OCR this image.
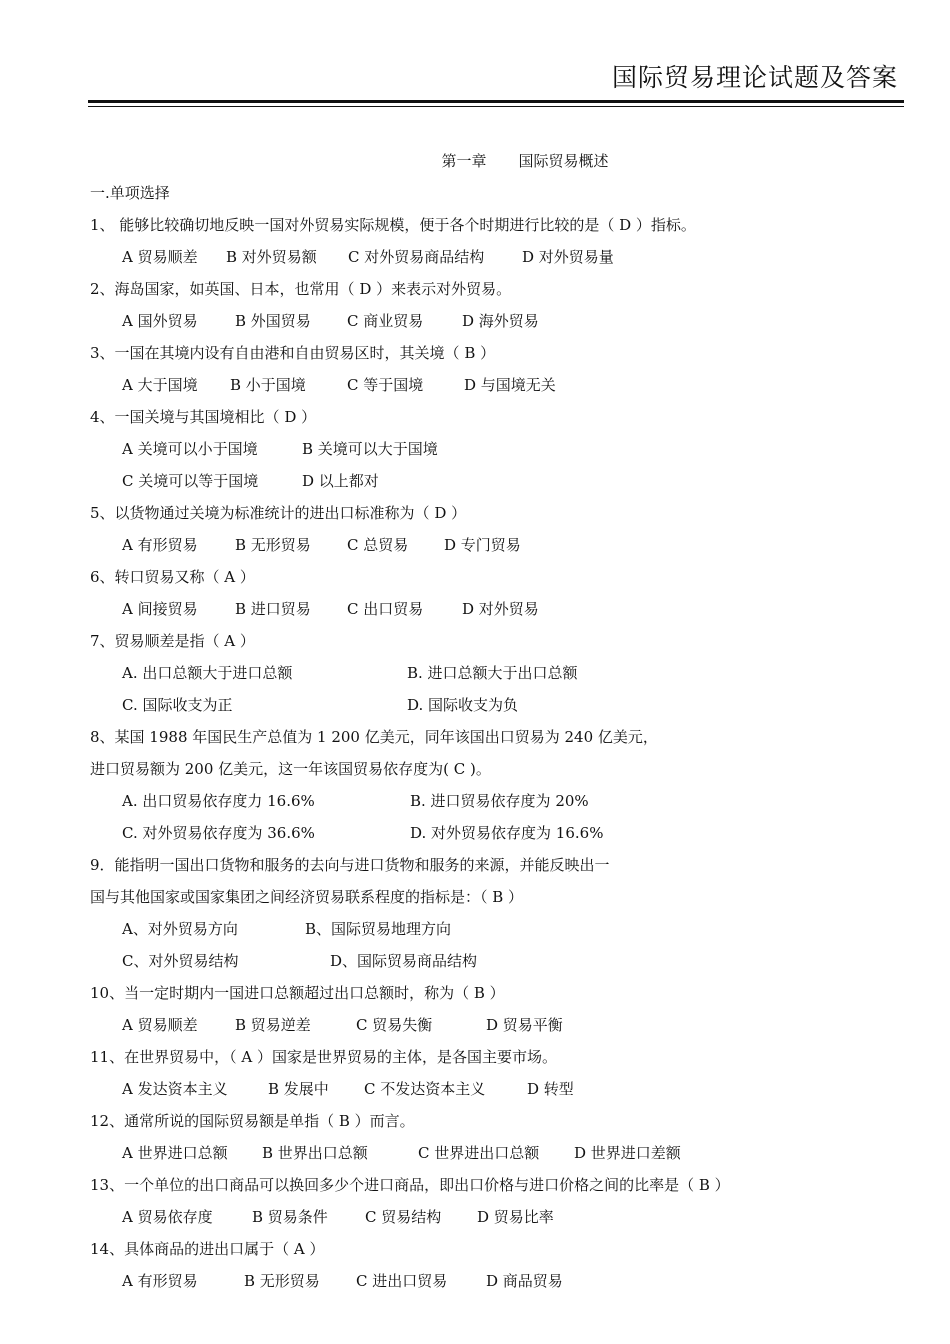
国际贸易理论试题及答案
第一章 国际贸易概述
一.单项选择
1、 能够比较确切地反映一国对外贸易实际规模，便于各个时期进行比较的是（ D ）指标。
A 贸易顺差 B 对外贸易额 C 对外贸易商品结构	D 对外贸易量
2、海岛国家，如英国、日本，也常用（ D ）来表示对外贸易。
A 国外贸易 B 外国贸易 C 商业贸易	D 海外贸易
3、一国在其境内设有自由港和自由贸易区时，其关境（ B ）
A 大于国境 B 小于国境	C 等于国境	D 与国境无关
4、一国关境与其国境相比（ D ）
A 关境可以小于国境	B 关境可以大于国境
C 关境可以等于国境	D 以上都对
5、以货物通过关境为标准统计的进出口标准称为（ D ）
A 有形贸易 B 无形贸易 C 总贸易 D 专门贸易
6、转口贸易又称（ A ）
A 间接贸易 B 进口贸易 C 出口贸易	D 对外贸易
7、贸易顺差是指（ A ）
A. 出口总额大于进口总额	B. 进口总额大于出口总额
C. 国际收支为正	D. 国际收支为负
8、某国 1988 年国民生产总值为 1 200 亿美元，同年该国出口贸易为 240 亿美元，
进口贸易额为 200 亿美元，这一年该国贸易依存度为( C )。
A. 出口贸易依存度力 16.6%	B. 进口贸易依存度为 20%
C. 对外贸易依存度为 36.6%	D. 对外贸易依存度为 16.6%
9．能指明一国出口货物和服务的去向与进口货物和服务的来源，并能反映出一
国与其他国家或国家集团之间经济贸易联系程度的指标是：（ B ）
A、对外贸易方向	B、国际贸易地理方向
C、对外贸易结构	D、国际贸易商品结构
10、当一定时期内一国进口总额超过出口总额时，称为（ B ）
A 贸易顺差 B 贸易逆差	C 贸易失衡	D 贸易平衡
11、在世界贸易中，（ A ）国家是世界贸易的主体，是各国主要市场。
A 发达资本主义	B 发展中 C 不发达资本主义	D 转型
12、通常所说的国际贸易额是单指（ B ）而言。
A 世界进口总额 B 世界出口总额	C 世界进出口总额 D 世界进口差额
13、一个单位的出口商品可以换回多少个进口商品，即出口价格与进口价格之间的比率是（ B ）
A 贸易依存度	B 贸易条件 C 贸易结构 D 贸易比率
14、具体商品的进出口属于（ A ）
A 有形贸易	B 无形贸易 C 进出口贸易	D 商品贸易
